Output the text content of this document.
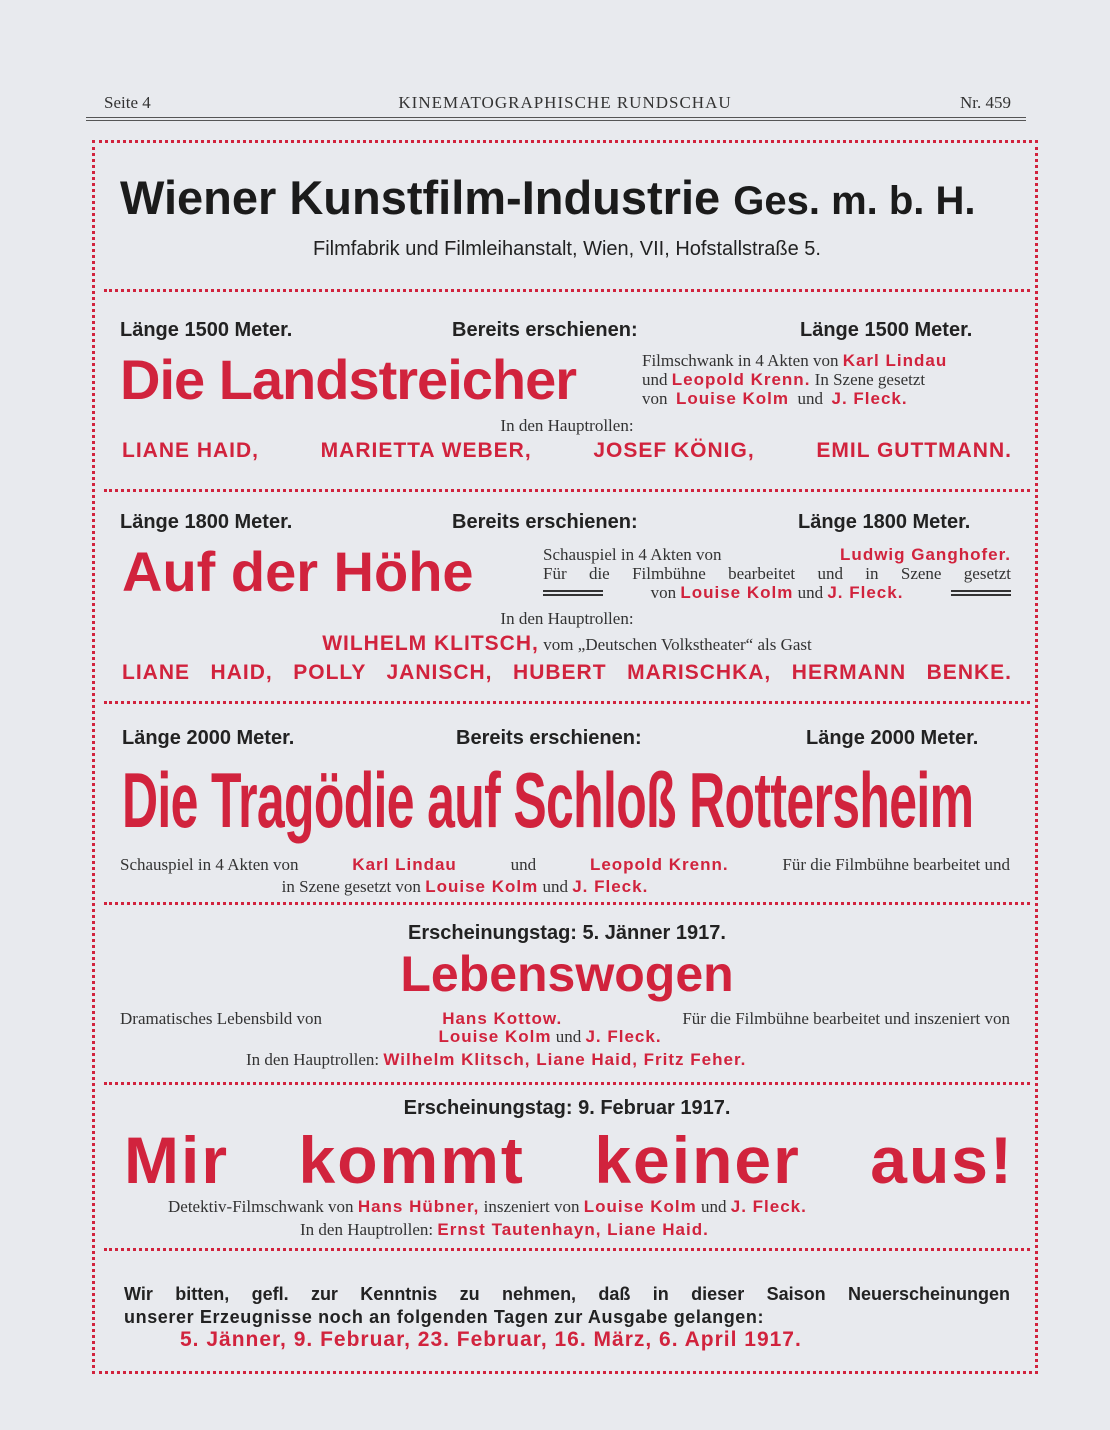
Seite 4	KINEMATOGRAPHISCHE RUNDSCHAU	Nr. 459
Wiener Kunstfilm-Industrie Ges. m. b. H.
Filmfabrik und Filmleihanstalt, Wien, VII, Hofstallstraße 5.
Länge 1500 Meter.	Bereits erschienen:	Länge 1500 Meter.
Die Landstreicher	Filmschwank in 4 Akten von Karl Lindau
und Leopold Krenn. In Szene gesetzt
von Louise Kolm und J. Fleck.
In den Hauptrollen:
LIANE HAID,	MARIETTA WEBER,	JOSEF KÖNIG,	EMIL GUTTMANN.
Länge 1800 Meter.	Bereits erschienen:	Länge 1800 Meter.
Auf der Höhe	Schauspiel in 4 Akten von	Ludwig Ganghofer.
Für die Filmbühne bearbeitet und in Szene gesetzt
von Louise Kolm und J. Fleck.
In den Hauptrollen:
WILHELM KLITSCH, vom „Deutschen Volkstheater“ als Gast
LIANE HAID, POLLY JANISCH, HUBERT MARISCHKA, HERMANN BENKE.
Länge 2000 Meter.	Bereits erschienen:	Länge 2000 Meter.
Die Tragödie auf Schloß Rottersheim
Schauspiel in 4 Akten von	Karl Lindau	und	Leopold Krenn.	Für die Filmbühne bearbeitet und
in Szene gesetzt von Louise Kolm und J. Fleck.
Erscheinungstag: 5. Jänner 1917.
Lebenswogen
Dramatisches Lebensbild von	Hans Kottow.	Für die Filmbühne bearbeitet und inszeniert von
Louise Kolm und J. Fleck.
In den Hauptrollen: Wilhelm Klitsch, Liane Haid, Fritz Feher.
Erscheinungstag: 9. Februar 1917.
Mir kommt keiner aus!
Detektiv-Filmschwank von Hans Hübner, inszeniert von Louise Kolm und J. Fleck.
In den Hauptrollen: Ernst Tautenhayn, Liane Haid.
Wir bitten, gefl. zur Kenntnis zu nehmen, daß in dieser Saison Neuerscheinungen
unserer Erzeugnisse noch an folgenden Tagen zur Ausgabe gelangen:
5. Jänner, 9. Februar, 23. Februar, 16. März, 6. April 1917.
